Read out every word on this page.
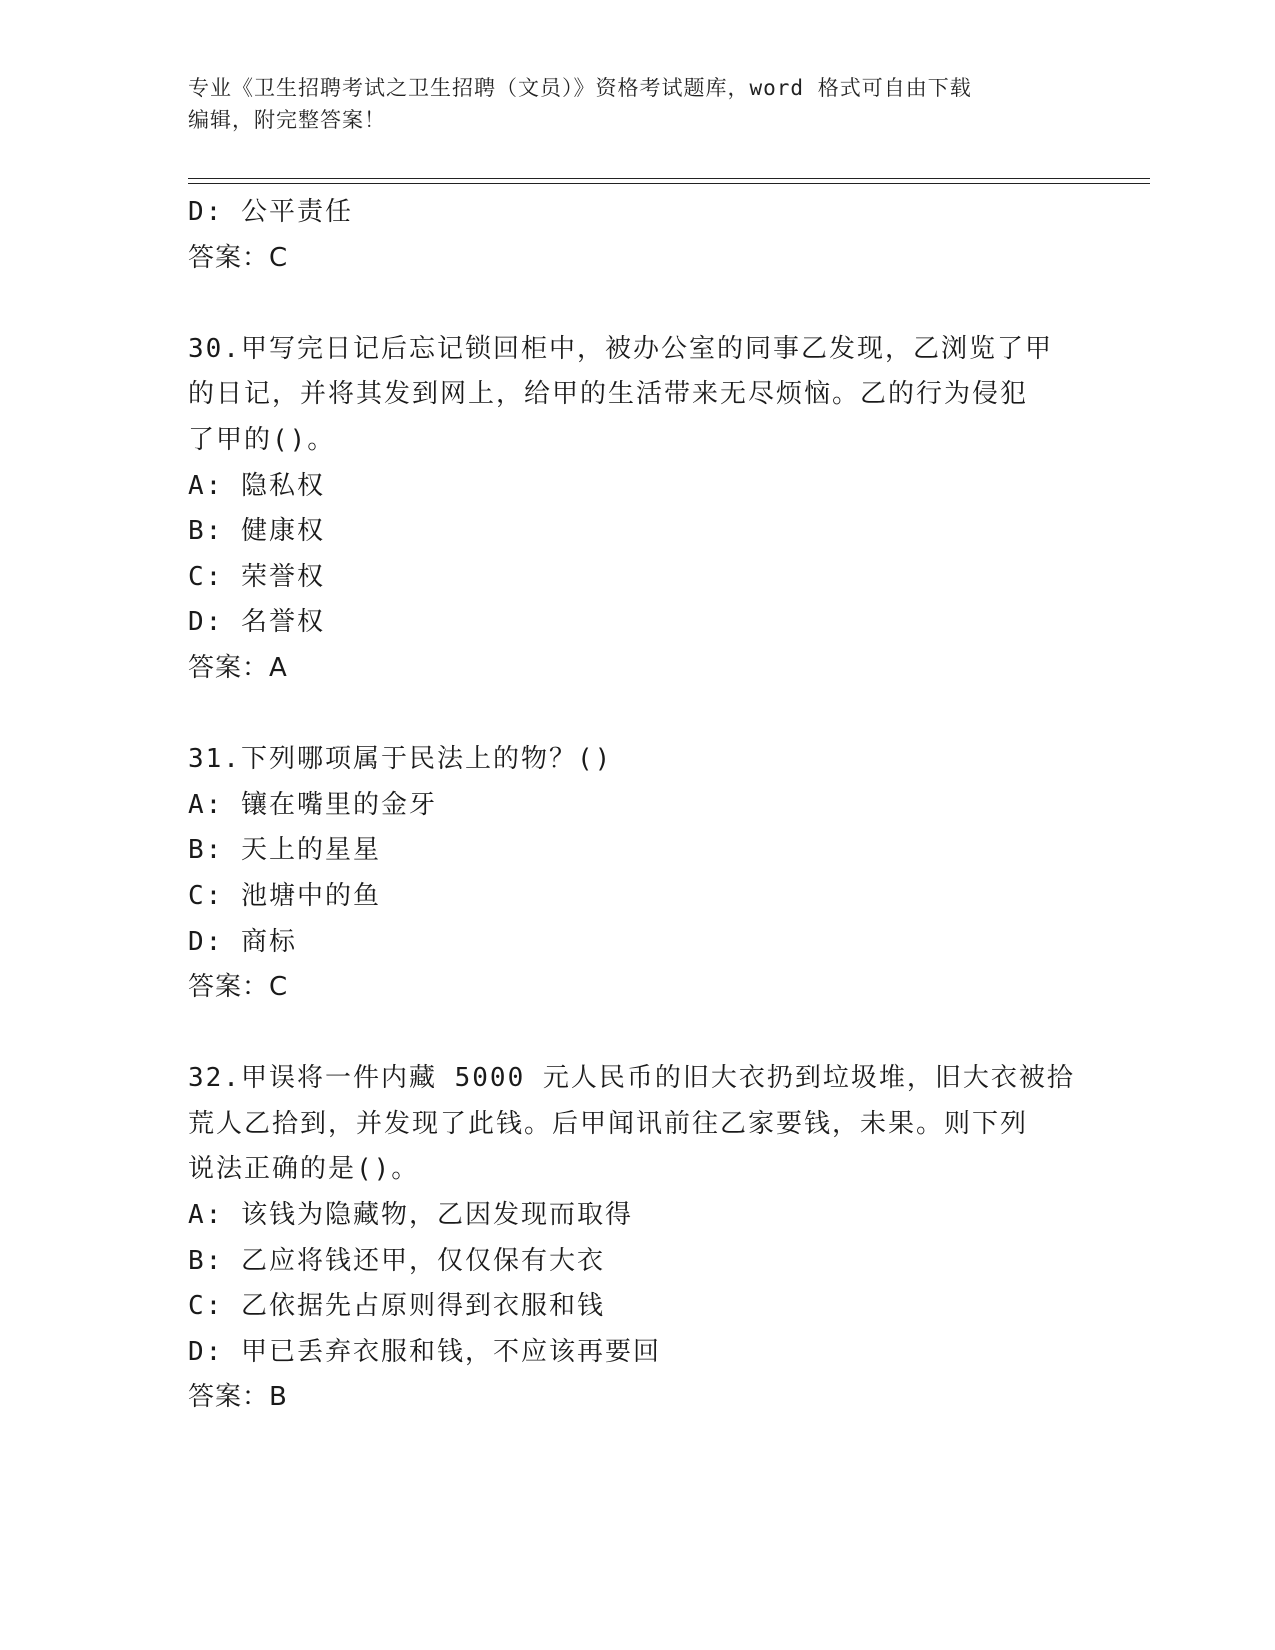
专业《卫生招聘考试之卫生招聘（文员）》资格考试题库，word 格式可自由下载
编辑，附完整答案！
D: 公平责任
答案：C
30.甲写完日记后忘记锁回柜中，被办公室的同事乙发现，乙浏览了甲
的日记，并将其发到网上，给甲的生活带来无尽烦恼。乙的行为侵犯
了甲的()。
A: 隐私权
B: 健康权
C: 荣誉权
D: 名誉权
答案：A
31.下列哪项属于民法上的物？()
A: 镶在嘴里的金牙
B: 天上的星星
C: 池塘中的鱼
D: 商标
答案：C
32.甲误将一件内藏 5000 元人民币的旧大衣扔到垃圾堆，旧大衣被拾
荒人乙拾到，并发现了此钱。后甲闻讯前往乙家要钱，未果。则下列
说法正确的是()。
A: 该钱为隐藏物，乙因发现而取得
B: 乙应将钱还甲，仅仅保有大衣
C: 乙依据先占原则得到衣服和钱
D: 甲已丢弃衣服和钱，不应该再要回
答案：B
